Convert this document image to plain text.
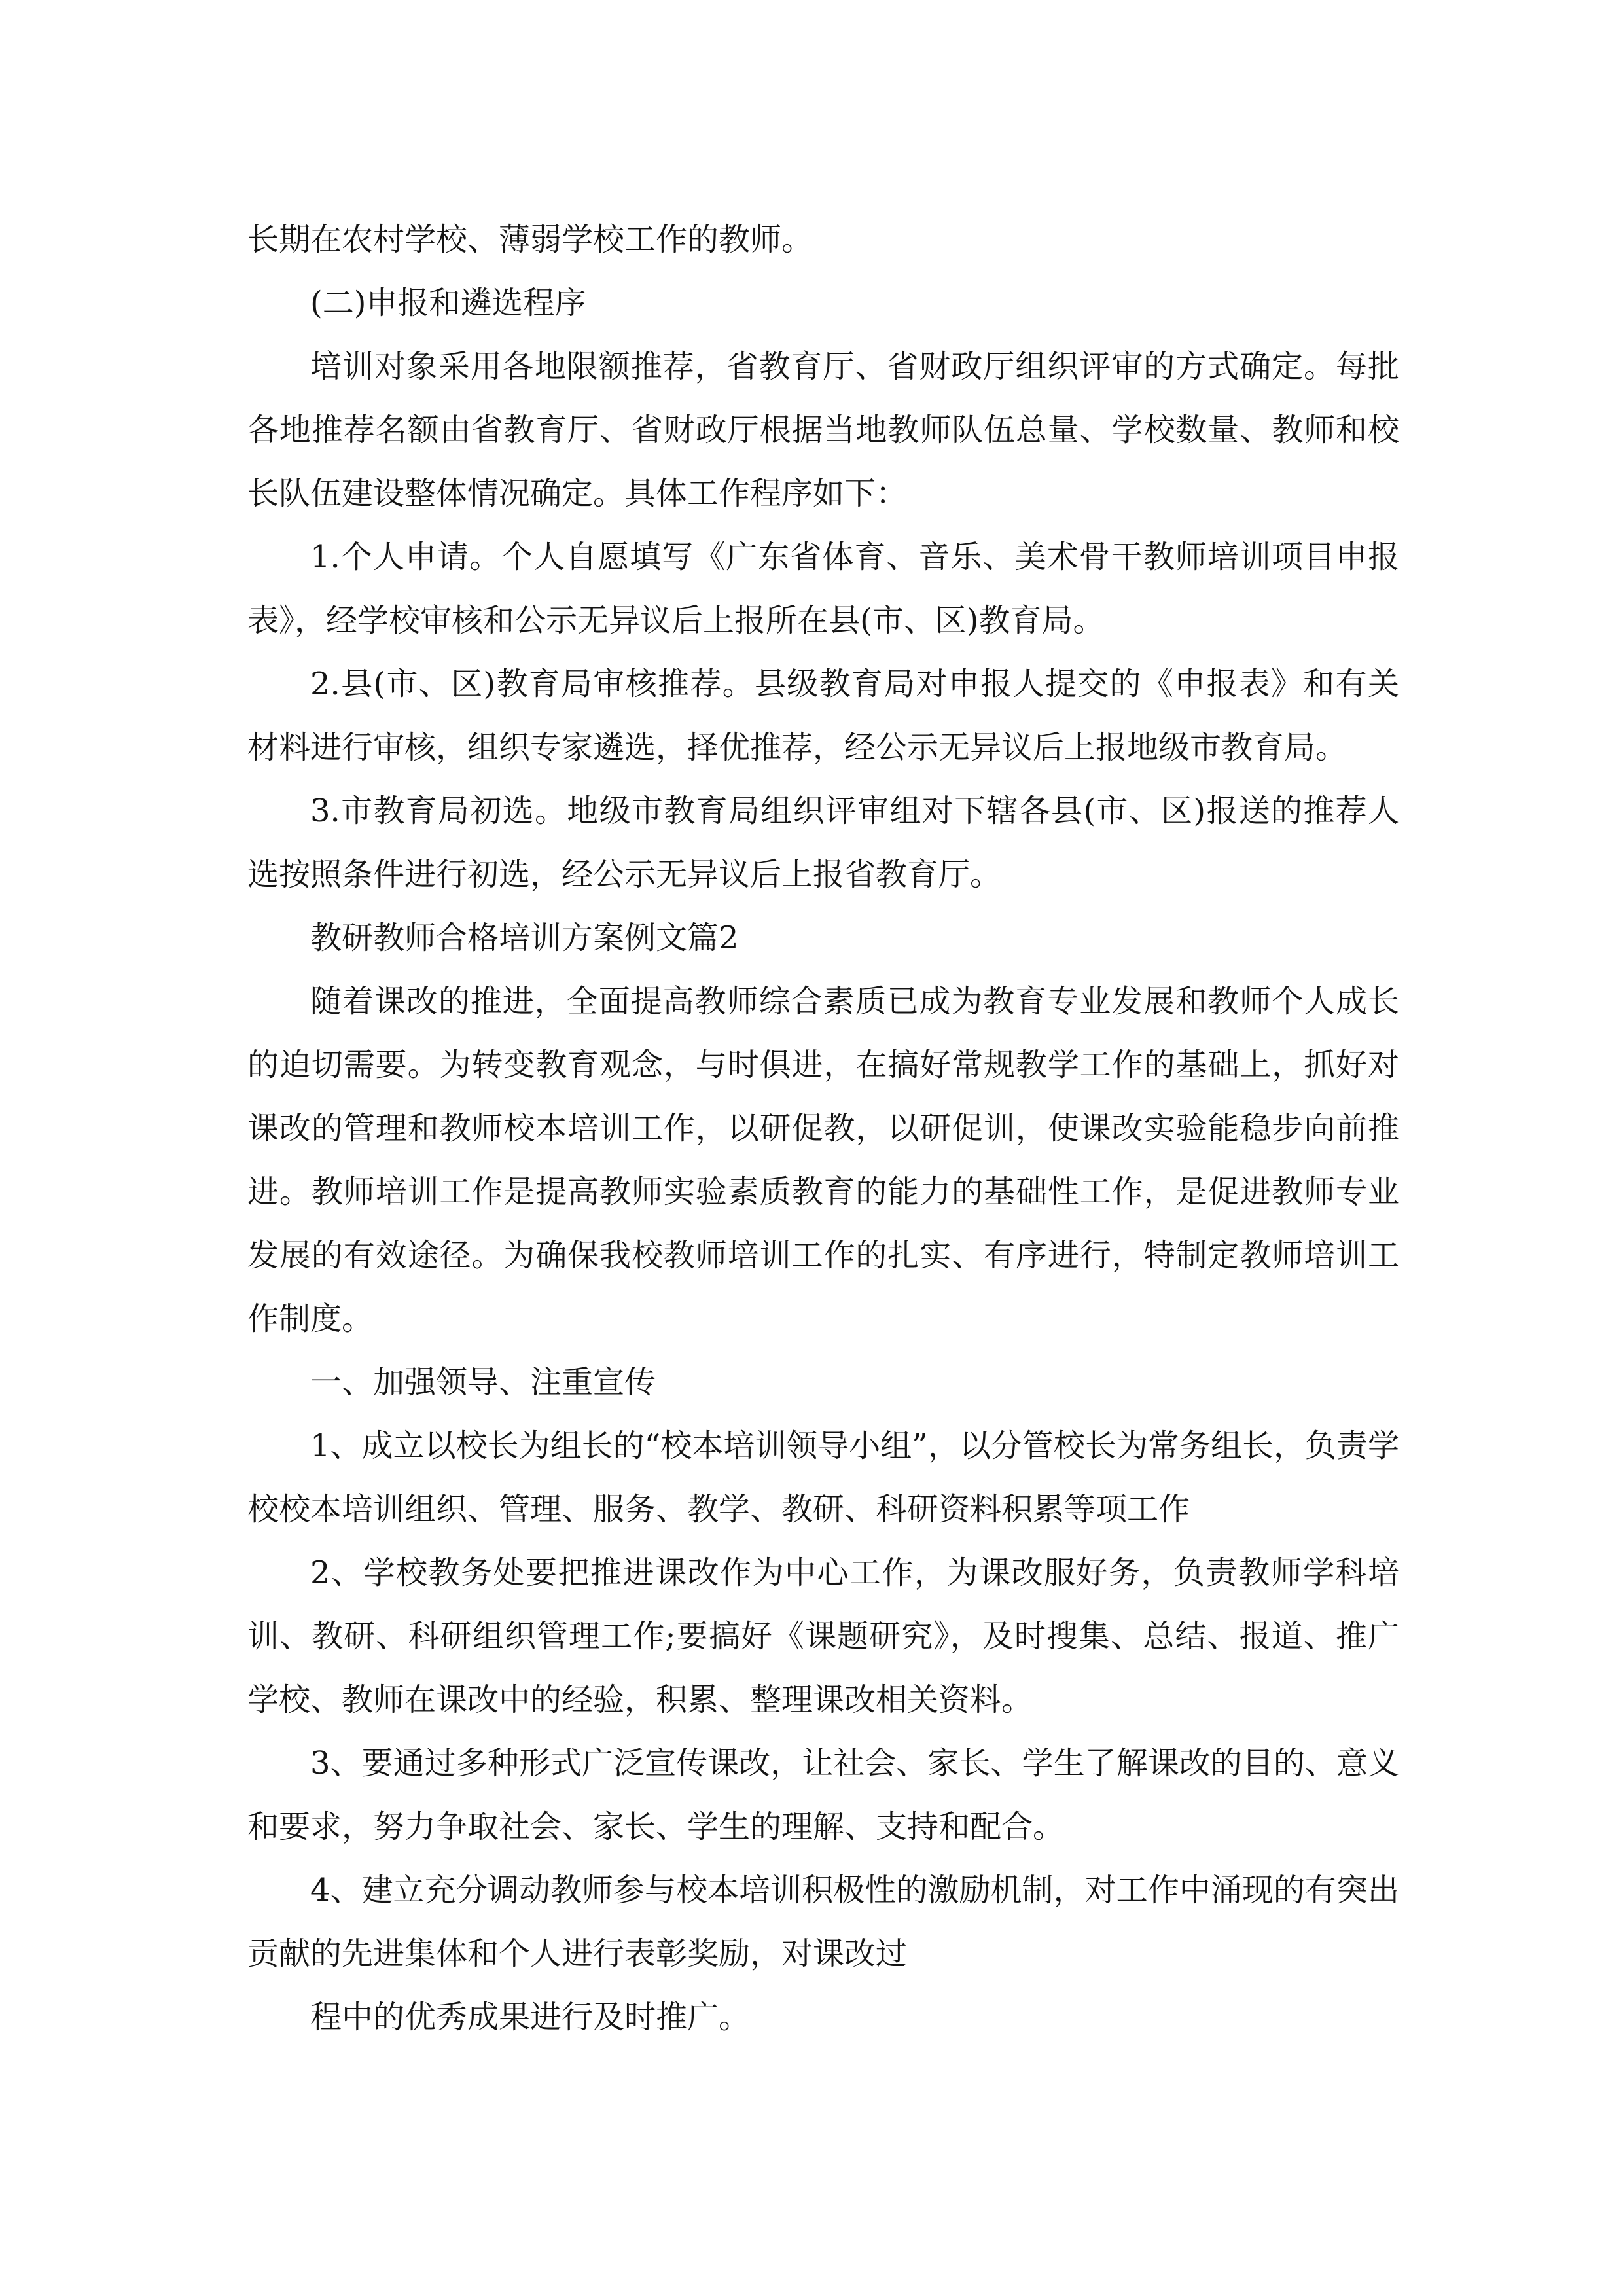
长期在农村学校、薄弱学校工作的教师。

(二)申报和遴选程序

培训对象采用各地限额推荐，省教育厅、省财政厅组织评审的方式确定。每批各地推荐名额由省教育厅、省财政厅根据当地教师队伍总量、学校数量、教师和校长队伍建设整体情况确定。具体工作程序如下：

1.个人申请。个人自愿填写《广东省体育、音乐、美术骨干教师培训项目申报表》，经学校审核和公示无异议后上报所在县(市、区)教育局。

2.县(市、区)教育局审核推荐。县级教育局对申报人提交的《申报表》和有关材料进行审核，组织专家遴选，择优推荐，经公示无异议后上报地级市教育局。

3.市教育局初选。地级市教育局组织评审组对下辖各县(市、区)报送的推荐人选按照条件进行初选，经公示无异议后上报省教育厅。

教研教师合格培训方案例文篇2

随着课改的推进，全面提高教师综合素质已成为教育专业发展和教师个人成长的迫切需要。为转变教育观念，与时俱进，在搞好常规教学工作的基础上，抓好对课改的管理和教师校本培训工作，以研促教，以研促训，使课改实验能稳步向前推进。教师培训工作是提高教师实验素质教育的能力的基础性工作，是促进教师专业发展的有效途径。为确保我校教师培训工作的扎实、有序进行，特制定教师培训工作制度。

一、加强领导、注重宣传

1、成立以校长为组长的“校本培训领导小组”，以分管校长为常务组长，负责学校校本培训组织、管理、服务、教学、教研、科研资料积累等项工作

2、学校教务处要把推进课改作为中心工作，为课改服好务，负责教师学科培训、教研、科研组织管理工作;要搞好《课题研究》，及时搜集、总结、报道、推广学校、教师在课改中的经验，积累、整理课改相关资料。

3、要通过多种形式广泛宣传课改，让社会、家长、学生了解课改的目的、意义和要求，努力争取社会、家长、学生的理解、支持和配合。

4、建立充分调动教师参与校本培训积极性的激励机制，对工作中涌现的有突出贡献的先进集体和个人进行表彰奖励，对课改过

程中的优秀成果进行及时推广。
